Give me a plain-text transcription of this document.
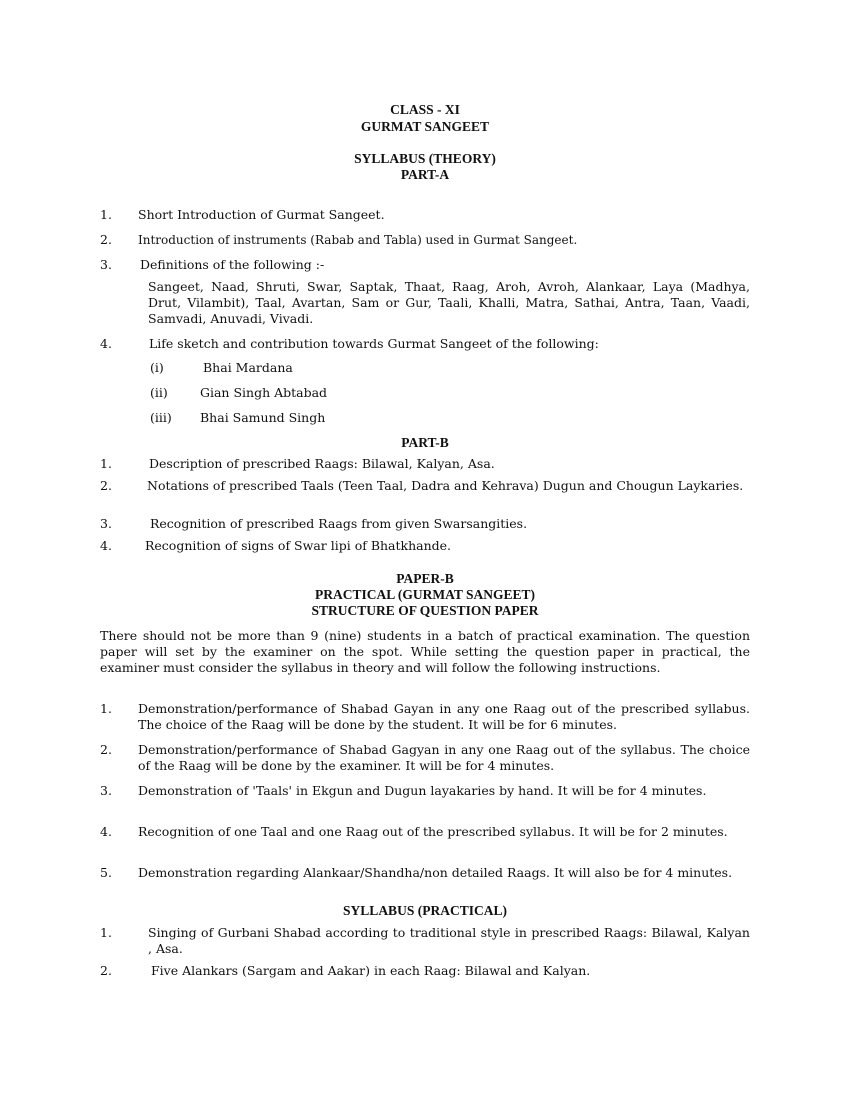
CLASS - XI
GURMAT SANGEET
SYLLABUS (THEORY)
PART-A
1. Short Introduction of Gurmat Sangeet.
2. Introduction of instruments (Rabab and Tabla) used in Gurmat Sangeet.
3. Definitions of the following :-
Sangeet, Naad, Shruti, Swar, Saptak, Thaat, Raag, Aroh, Avroh, Alankaar, Laya (Madhya, Drut, Vilambit), Taal, Avartan, Sam or Gur, Taali, Khalli, Matra, Sathai, Antra, Taan, Vaadi, Samvadi, Anuvadi, Vivadi.
4.	Life sketch and contribution towards Gurmat Sangeet of the following:
(i)	Bhai Mardana
(ii)	Gian Singh Abtabad
(iii) Bhai Samund Singh
PART-B
1.	Description of prescribed Raags: Bilawal, Kalyan, Asa.
2.	Notations of prescribed Taals (Teen Taal, Dadra and Kehrava) Dugun and Chougun Laykaries.
3.	Recognition of prescribed Raags from given Swarsangities.
4.	Recognition of signs of Swar lipi of Bhatkhande.
PAPER-B
PRACTICAL (GURMAT SANGEET)
STRUCTURE OF QUESTION PAPER
There should not be more than 9 (nine) students in a batch of practical examination. The question paper will set by the examiner on the spot. While setting the question paper in practical, the examiner must consider the syllabus in theory and will follow the following instructions.
1. Demonstration/performance of Shabad Gayan in any one Raag out of the prescribed syllabus. The choice of the Raag will be done by the student. It will be for 6 minutes.
2. Demonstration/performance of Shabad Gagyan in any one Raag out of the syllabus. The choice of the Raag will be done by the examiner. It will be for 4 minutes.
3. Demonstration of 'Taals' in Ekgun and Dugun layakaries by hand. It will be for 4 minutes.
4. Recognition of one Taal and one Raag out of the prescribed syllabus. It will be for 2 minutes.
5. Demonstration regarding Alankaar/Shandha/non detailed Raags. It will also be for 4 minutes.
SYLLABUS (PRACTICAL)
1.	Singing of Gurbani Shabad according to traditional style in prescribed Raags: Bilawal, Kalyan , Asa.
2.	Five Alankars (Sargam and Aakar) in each Raag: Bilawal and Kalyan.
